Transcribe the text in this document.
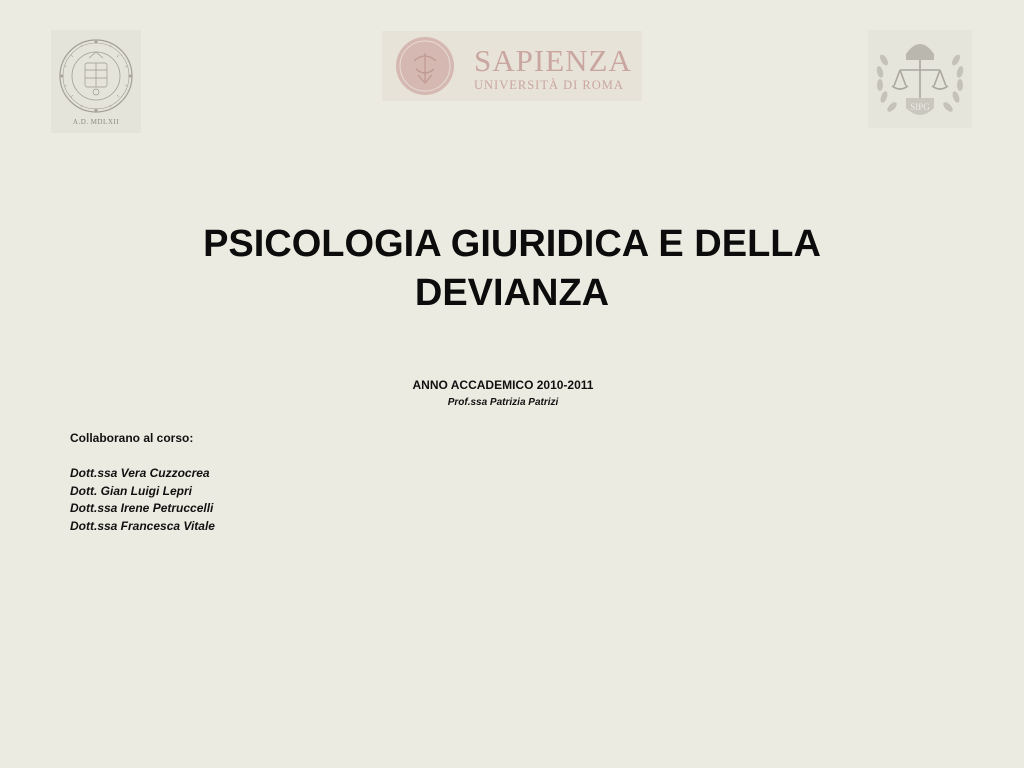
A.D. MDLXII
SAPIENZA
UNIVERSITÀ DI ROMA
SIPG
PSICOLOGIA GIURIDICA E DELLA
DEVIANZA
ANNO ACCADEMICO 2010-2011
Prof.ssa Patrizia Patrizi
Collaborano al corso:
Dott.ssa Vera Cuzzocrea
Dott. Gian Luigi Lepri
Dott.ssa Irene Petruccelli
Dott.ssa Francesca Vitale
